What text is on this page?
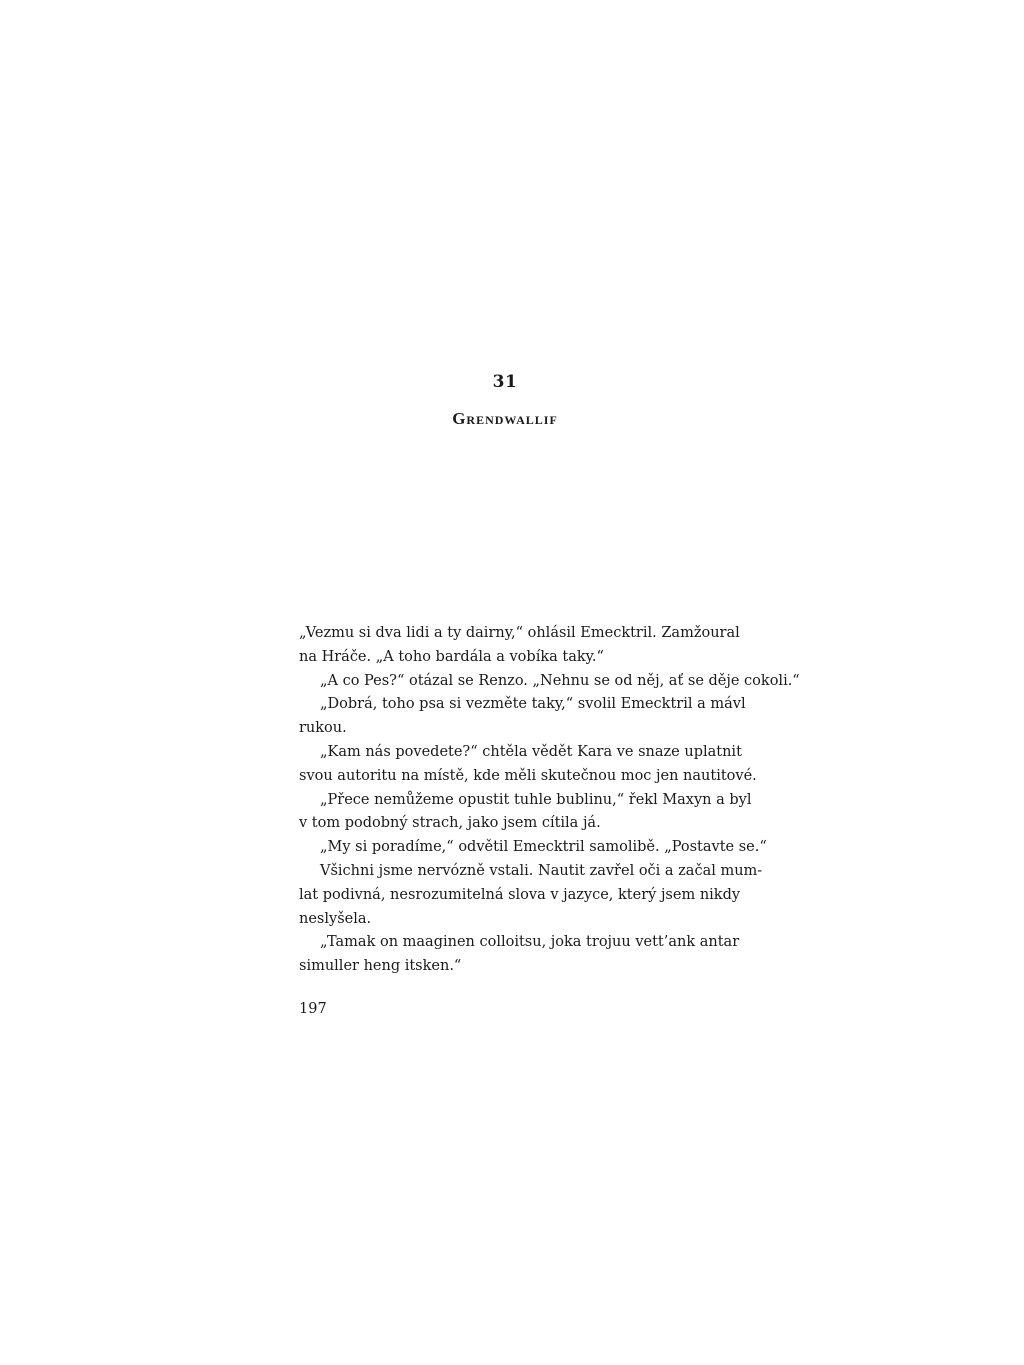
31
Grendwallif
„Vezmu si dva lidi a ty dairny,“ ohlásil Emecktril. Zamžoural
na Hráče. „A toho bardála a vobíka taky.“
„A co Pes?“ otázal se Renzo. „Nehnu se od něj, ať se děje cokoli.“
„Dobrá, toho psa si vezměte taky,“ svolil Emecktril a mávl
rukou.
„Kam nás povedete?“ chtěla vědět Kara ve snaze uplatnit
svou autoritu na místě, kde měli skutečnou moc jen nautitové.
„Přece nemůžeme opustit tuhle bublinu,“ řekl Maxyn a byl
v tom podobný strach, jako jsem cítila já.
„My si poradíme,“ odvětil Emecktril samolibě. „Postavte se.“
Všichni jsme nervózně vstali. Nautit zavřel oči a začal mum-
lat podivná, nesrozumitelná slova v jazyce, který jsem nikdy
neslyšela.
„Tamak on maaginen colloitsu, joka trojuu vett’ank antar
simuller heng itsken.“
197
